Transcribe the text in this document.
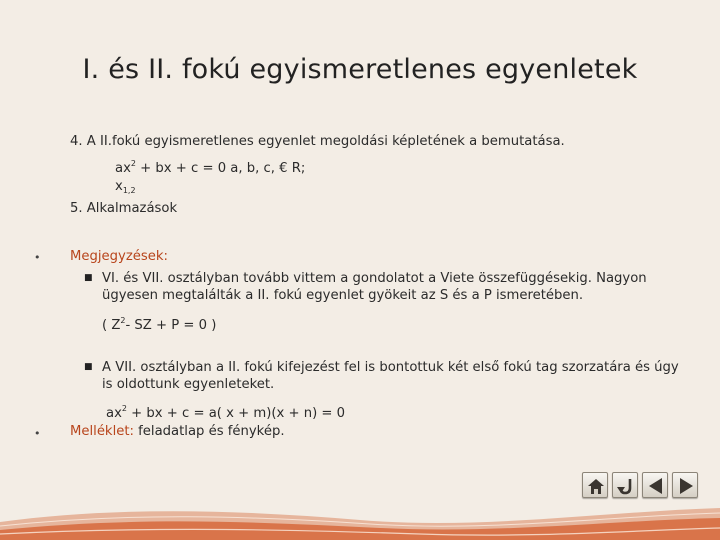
I. és II. fokú egyismeretlenes egyenletek
4. A II.fokú egyismeretlenes egyenlet megoldási képletének a bemutatása.
$ax^2$ + bx + c = 0 a, b, c, € R;
$x_{1,2}$
5. Alkalmazások
• Megjegyzések:
■ VI. és VII. osztályban tovább vittem a gondolatot a Viete összefüggésekig. Nagyon ügyesen megtalálták a II. fokú egyenlet gyökeit az S és a P ismeretében.
( $Z^2-$ SZ + P = 0 )
■ A VII. osztályban a II. fokú kifejezést fel is bontottuk két első fokú tag szorzatára és úgy is oldottunk egyenleteket.
$ax^2$ + bx + c = a( x + m)(x + n) = 0
• Melléklet: feladatlap és fénykép.
